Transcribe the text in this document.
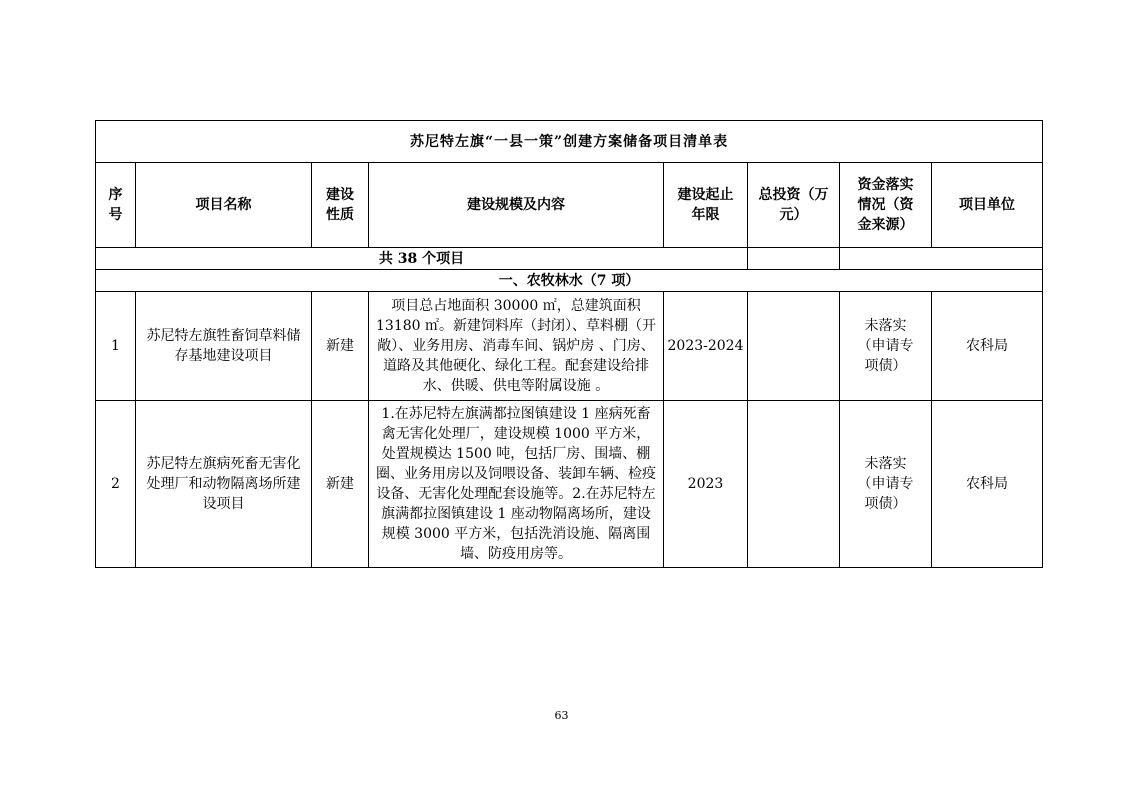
苏尼特左旗“一县一策”创建方案储备项目清单表							
序号	项目名称	建设性质	建设规模及内容	建设起止年限	总投资（万元）	资金落实情况（资金来源）	项目单位
共 38 个项目							
一、农牧林水（7 项）							
1	苏尼特左旗牲畜饲草料储存基地建设项目	新建	项目总占地面积 30000 ㎡，总建筑面积 13180 ㎡。新建饲料库（封闭）、草料棚（开敞）、业务用房、消毒车间、锅炉房 、门房、道路及其他硬化、绿化工程。配套建设给排水、供暖、供电等附属设施 。	2023-2024		未落实（申请专项债）	农科局
2	苏尼特左旗病死畜无害化处理厂和动物隔离场所建设项目	新建	1.在苏尼特左旗满都拉图镇建设 1 座病死畜禽无害化处理厂，建设规模 1000 平方米，处置规模达 1500 吨，包括厂房、围墙、棚圈、业务用房以及饲喂设备、装卸车辆、检疫设备、无害化处理配套设施等。2.在苏尼特左旗满都拉图镇建设 1 座动物隔离场所，建设规模 3000 平方米，包括洗消设施、隔离围墙、防疫用房等。	2023		未落实（申请专项债）	农科局
63
